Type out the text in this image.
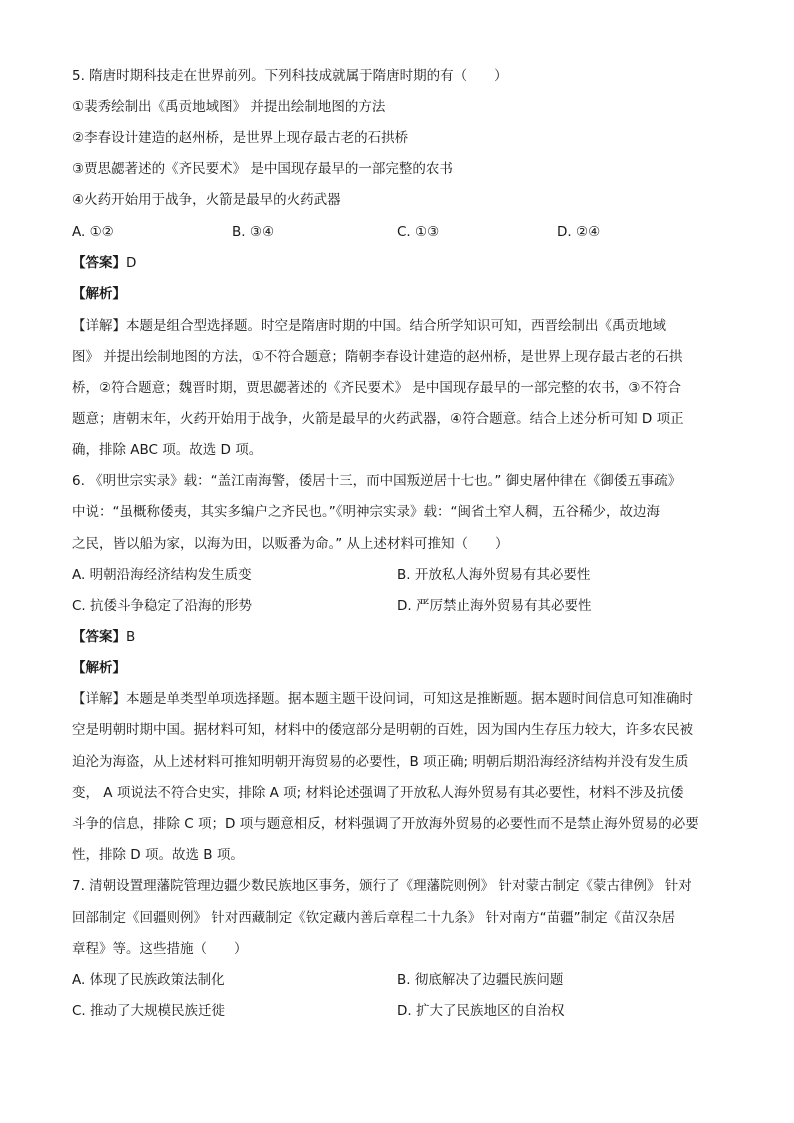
5. 隋唐时期科技走在世界前列。下列科技成就属于隋唐时期的有（　　）
①裴秀绘制出《禹贡地域图》 并提出绘制地图的方法
②李春设计建造的赵州桥，是世界上现存最古老的石拱桥
③贾思勰著述的《齐民要术》 是中国现存最早的一部完整的农书
④火药开始用于战争，火箭是最早的火药武器
A. ①②	B. ③④	C. ①③	D. ②④
【答案】D
【解析】
【详解】本题是组合型选择题。时空是隋唐时期的中国。结合所学知识可知，西晋绘制出《禹贡地域
图》 并提出绘制地图的方法，①不符合题意；隋朝李春设计建造的赵州桥，是世界上现存最古老的石拱
桥，②符合题意；魏晋时期，贾思勰著述的《齐民要术》 是中国现存最早的一部完整的农书，③不符合
题意；唐朝末年，火药开始用于战争，火箭是最早的火药武器，④符合题意。结合上述分析可知 D 项正
确，排除 ABC 项。故选 D 项。
6. 《明世宗实录》载：“盖江南海警，倭居十三，而中国叛逆居十七也。” 御史屠仲律在《御倭五事疏》
中说：“虽概称倭夷，其实多编户之齐民也。”《明神宗实录》载：“闽省土窄人稠，五谷稀少，故边海
之民，皆以船为家，以海为田，以贩番为命。” 从上述材料可推知（　　）
A. 明朝沿海经济结构发生质变	B. 开放私人海外贸易有其必要性
C. 抗倭斗争稳定了沿海的形势	D. 严厉禁止海外贸易有其必要性
【答案】B
【解析】
【详解】本题是单类型单项选择题。据本题主题干设问词，可知这是推断题。据本题时间信息可知准确时
空是明朝时期中国。据材料可知，材料中的倭寇部分是明朝的百姓，因为国内生存压力较大，许多农民被
迫沦为海盗，从上述材料可推知明朝开海贸易的必要性，B 项正确; 明朝后期沿海经济结构并没有发生质
变， A 项说法不符合史实，排除 A 项; 材料论述强调了开放私人海外贸易有其必要性，材料不涉及抗倭
斗争的信息，排除 C 项；D 项与题意相反，材料强调了开放海外贸易的必要性而不是禁止海外贸易的必要
性，排除 D 项。故选 B 项。
7. 清朝设置理藩院管理边疆少数民族地区事务，颁行了《理藩院则例》 针对蒙古制定《蒙古律例》 针对
回部制定《回疆则例》 针对西藏制定《钦定藏内善后章程二十九条》 针对南方“苗疆”制定《苗汉杂居
章程》等。这些措施（　　）
A. 体现了民族政策法制化	B. 彻底解决了边疆民族问题
C. 推动了大规模民族迁徙	D. 扩大了民族地区的自治权
